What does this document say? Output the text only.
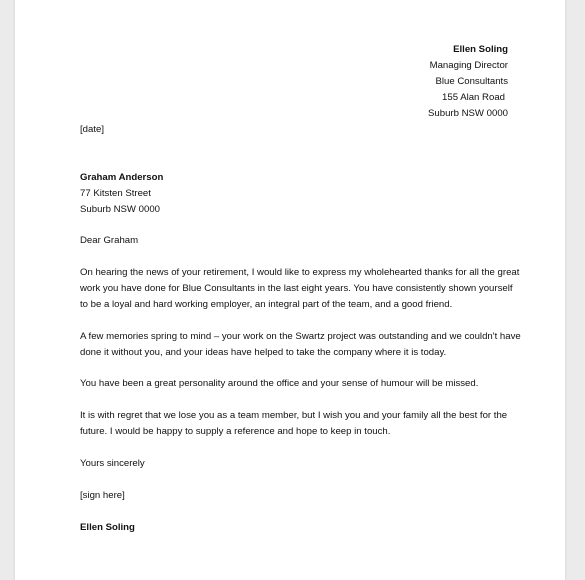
Ellen Soling
Managing Director
Blue Consultants
155 Alan Road
Suburb NSW 0000
[date]
Graham Anderson
77 Kitsten Street
Suburb NSW 0000
Dear Graham
On hearing the news of your retirement, I would like to express my wholehearted thanks for all the great
work you have done for Blue Consultants in the last eight years. You have consistently shown yourself
to be a loyal and hard working employer, an integral part of the team, and a good friend.
A few memories spring to mind – your work on the Swartz project was outstanding and we couldn't have
done it without you, and your ideas have helped to take the company where it is today.
You have been a great personality around the office and your sense of humour will be missed.
It is with regret that we lose you as a team member, but I wish you and your family all the best for the
future. I would be happy to supply a reference and hope to keep in touch.
Yours sincerely
[sign here]
Ellen Soling
